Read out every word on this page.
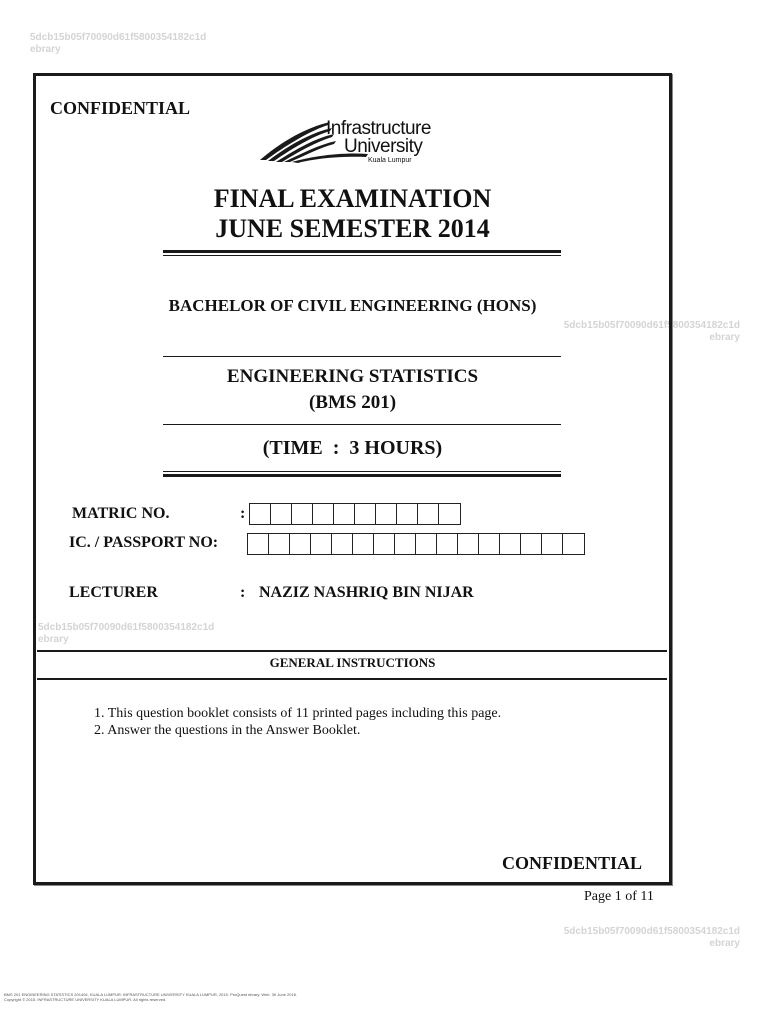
5dcb15b05f70090d61f5800354182c1d
ebrary
5dcb15b05f70090d61f5800354182c1d
ebrary
5dcb15b05f70090d61f5800354182c1d
ebrary
5dcb15b05f70090d61f5800354182c1d
ebrary
CONFIDENTIAL
Infrastructure
University
Kuala Lumpur
FINAL EXAMINATION
JUNE SEMESTER 2014
BACHELOR OF CIVIL ENGINEERING (HONS)
ENGINEERING STATISTICS
(BMS 201)
(TIME  :  3 HOURS)
MATRIC NO.	:
IC. / PASSPORT NO:
LECTURER	: NAZIZ NASHRIQ BIN NIJAR
GENERAL INSTRUCTIONS
1. This question booklet consists of 11 printed pages including this page.
2. Answer the questions in the Answer Booklet.
CONFIDENTIAL
Page 1 of 11
BMS 201 ENGINEERING STATISTICS 201404, KUALA LUMPUR: INFRASTRUCTURE UNIVERSITY KUALA LUMPUR, 2015. ProQuest ebrary. Web. 30 June 2016.
Copyright © 2015. INFRASTRUCTURE UNIVERSITY KUALA LUMPUR. All rights reserved.
